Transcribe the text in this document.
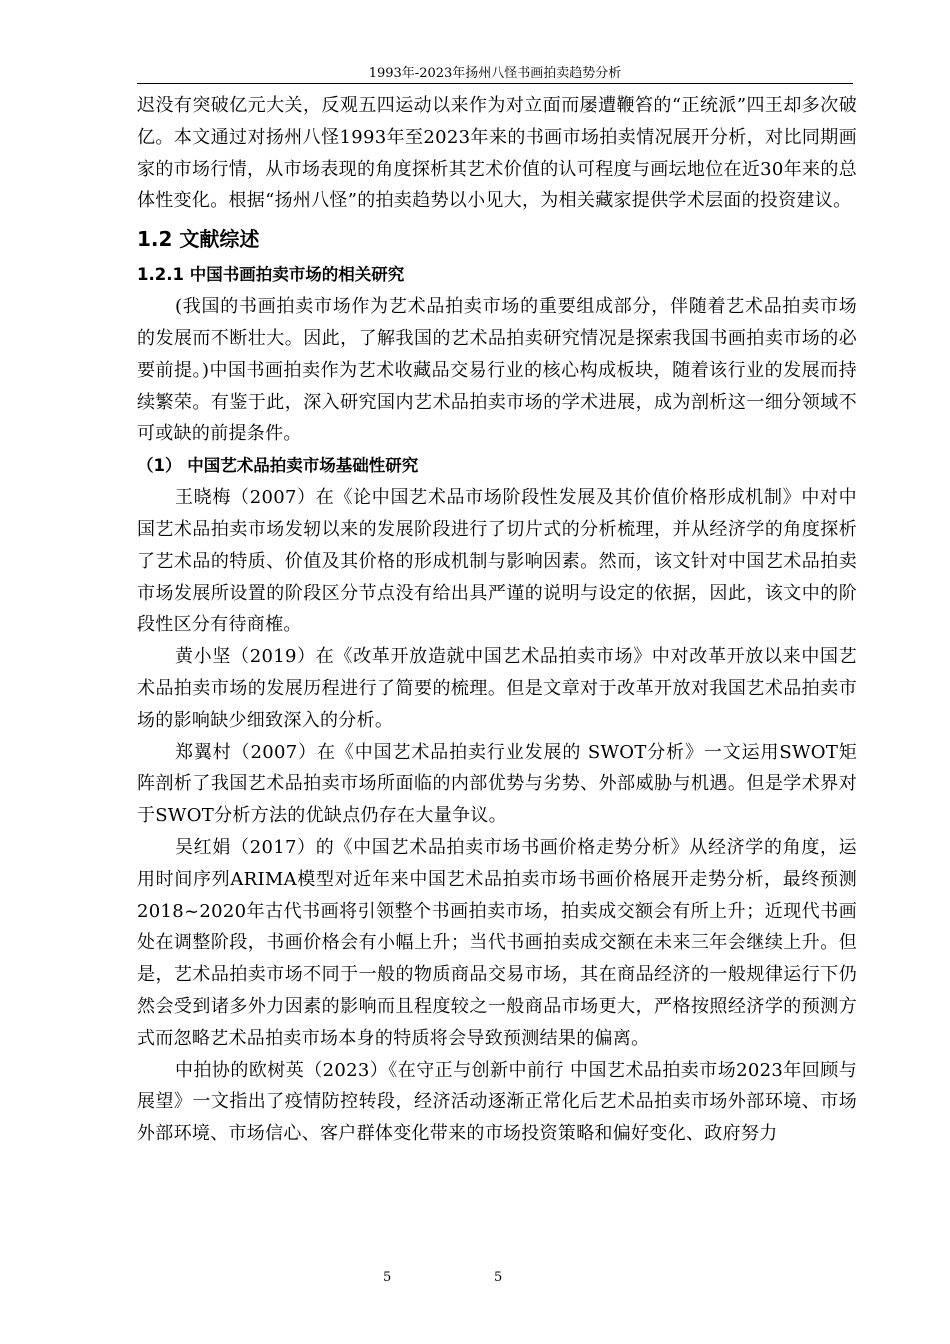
1993年-2023年扬州八怪书画拍卖趋势分析

迟没有突破亿元大关，反观五四运动以来作为对立面而屡遭鞭笞的“正统派”四王却多次破亿。本文通过对扬州八怪1993年至2023年来的书画市场拍卖情况展开分析，对比同期画家的市场行情，从市场表现的角度探析其艺术价值的认可程度与画坛地位在近30年来的总体性变化。根据“扬州八怪”的拍卖趋势以小见大，为相关藏家提供学术层面的投资建议。

1.2 文献综述
1.2.1 中国书画拍卖市场的相关研究

(我国的书画拍卖市场作为艺术品拍卖市场的重要组成部分，伴随着艺术品拍卖市场的发展而不断壮大。因此，了解我国的艺术品拍卖研究情况是探索我国书画拍卖市场的必要前提。)中国书画拍卖作为艺术收藏品交易行业的核心构成板块，随着该行业的发展而持续繁荣。有鉴于此，深入研究国内艺术品拍卖市场的学术进展，成为剖析这一细分领域不可或缺的前提条件。

（1） 中国艺术品拍卖市场基础性研究

王晓梅（2007）在《论中国艺术品市场阶段性发展及其价值价格形成机制》中对中国艺术品拍卖市场发轫以来的发展阶段进行了切片式的分析梳理，并从经济学的角度探析了艺术品的特质、价值及其价格的形成机制与影响因素。然而，该文针对中国艺术品拍卖市场发展所设置的阶段区分节点没有给出具严谨的说明与设定的依据，因此，该文中的阶段性区分有待商榷。

黄小坚（2019）在《改革开放造就中国艺术品拍卖市场》中对改革开放以来中国艺术品拍卖市场的发展历程进行了简要的梳理。但是文章对于改革开放对我国艺术品拍卖市场的影响缺少细致深入的分析。

郑翼村（2007）在《中国艺术品拍卖行业发展的 SWOT分析》一文运用SWOT矩阵剖析了我国艺术品拍卖市场所面临的内部优势与劣势、外部威胁与机遇。但是学术界对于SWOT分析方法的优缺点仍存在大量争议。

吴红娟（2017）的《中国艺术品拍卖市场书画价格走势分析》从经济学的角度，运用时间序列ARIMA模型对近年来中国艺术品拍卖市场书画价格展开走势分析，最终预测2018~2020年古代书画将引领整个书画拍卖市场，拍卖成交额会有所上升；近现代书画处在调整阶段，书画价格会有小幅上升；当代书画拍卖成交额在未来三年会继续上升。但是，艺术品拍卖市场不同于一般的物质商品交易市场，其在商品经济的一般规律运行下仍然会受到诸多外力因素的影响而且程度较之一般商品市场更大，严格按照经济学的预测方式而忽略艺术品拍卖市场本身的特质将会导致预测结果的偏离。

中拍协的欧树英（2023）《在守正与创新中前行 中国艺术品拍卖市场2023年回顾与展望》一文指出了疫情防控转段，经济活动逐渐正常化后艺术品拍卖市场外部环境、市场外部环境、市场信心、客户群体变化带来的市场投资策略和偏好变化、政府努力

5	5
